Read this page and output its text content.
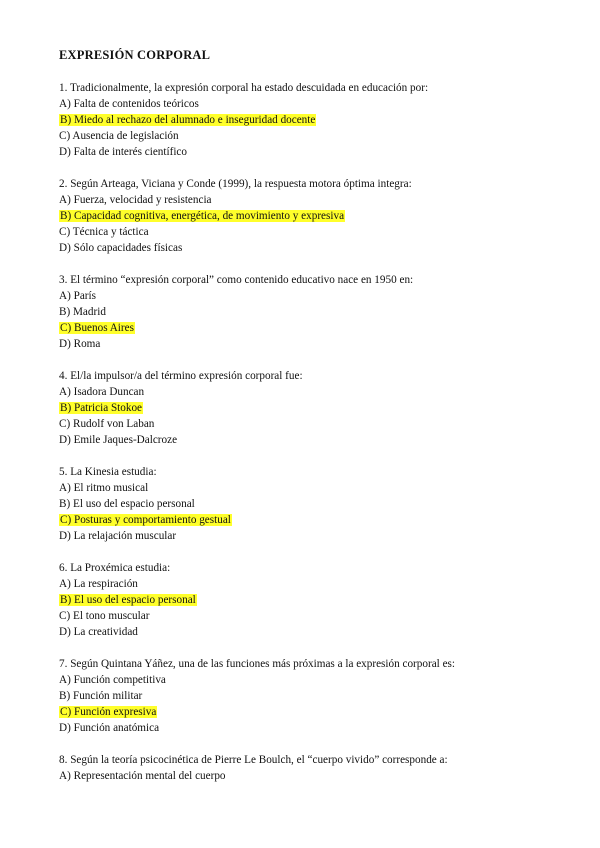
EXPRESIÓN CORPORAL
1. Tradicionalmente, la expresión corporal ha estado descuidada en educación por:
A) Falta de contenidos teóricos
B) Miedo al rechazo del alumnado e inseguridad docente
C) Ausencia de legislación
D) Falta de interés científico
2. Según Arteaga, Viciana y Conde (1999), la respuesta motora óptima integra:
A) Fuerza, velocidad y resistencia
B) Capacidad cognitiva, energética, de movimiento y expresiva
C) Técnica y táctica
D) Sólo capacidades físicas
3. El término “expresión corporal” como contenido educativo nace en 1950 en:
A) París
B) Madrid
C) Buenos Aires
D) Roma
4. El/la impulsor/a del término expresión corporal fue:
A) Isadora Duncan
B) Patricia Stokoe
C) Rudolf von Laban
D) Emile Jaques-Dalcroze
5. La Kinesia estudia:
A) El ritmo musical
B) El uso del espacio personal
C) Posturas y comportamiento gestual
D) La relajación muscular
6. La Proxémica estudia:
A) La respiración
B) El uso del espacio personal
C) El tono muscular
D) La creatividad
7. Según Quintana Yáñez, una de las funciones más próximas a la expresión corporal es:
A) Función competitiva
B) Función militar
C) Función expresiva
D) Función anatómica
8. Según la teoría psicocinética de Pierre Le Boulch, el “cuerpo vivido” corresponde a:
A) Representación mental del cuerpo
